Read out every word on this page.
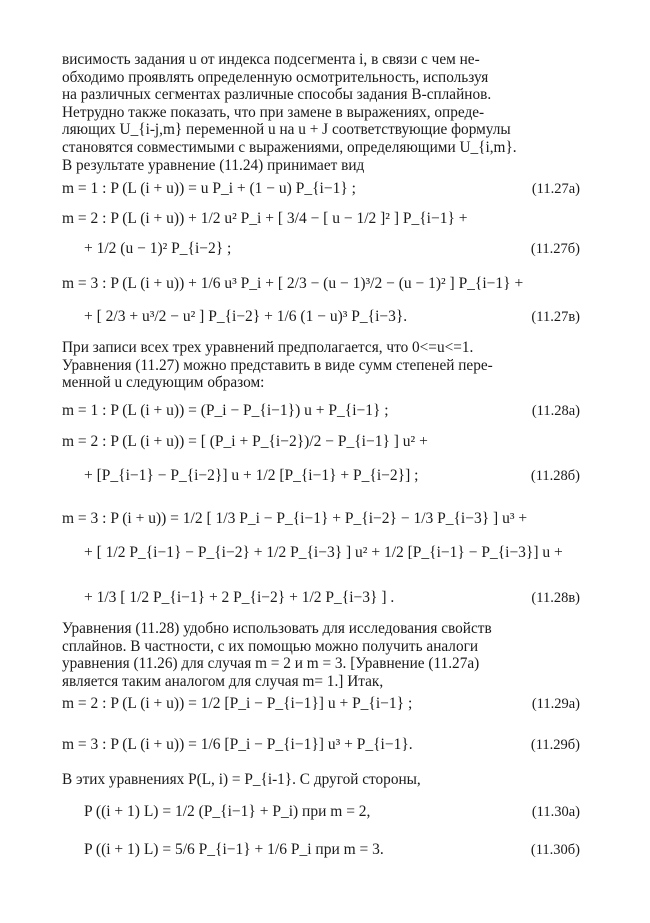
висимость задания u от индекса подсегмента i, в связи с чем не-
обходимо проявлять определенную осмотрительность, используя
на различных сегментах различные способы задания B-сплайнов.
Нетрудно также показать, что при замене в выражениях, опреде-
ляющих U_{i-j,m} переменной u на u + J соответствующие формулы
становятся совместимыми с выражениями, определяющими U_{i,m}.
В результате уравнение (11.24) принимает вид
m = 1 : P (L (i + u)) = u P_i + (1 − u) P_{i−1} ;	(11.27а)
m = 2 : P (L (i + u)) + 1/2 u² P_i + [ 3/4 − [ u − 1/2 ]² ] P_{i−1} +
+ 1/2 (u − 1)² P_{i−2} ;	(11.27б)
m = 3 : P (L (i + u)) + 1/6 u³ P_i + [ 2/3 − (u − 1)³/2 − (u − 1)² ] P_{i−1} +
+ [ 2/3 + u³/2 − u² ] P_{i−2} + 1/6 (1 − u)³ P_{i−3}.	(11.27в)
При записи всех трех уравнений предполагается, что 0<=u<=1.
Уравнения (11.27) можно представить в виде сумм степеней пере-
менной u следующим образом:
m = 1 : P (L (i + u)) = (P_i − P_{i−1}) u + P_{i−1} ;	(11.28а)
m = 2 : P (L (i + u)) = [ (P_i + P_{i−2})/2 − P_{i−1} ] u² +
+ [P_{i−1} − P_{i−2}] u + 1/2 [P_{i−1} + P_{i−2}] ;	(11.28б)
m = 3 : P (i + u)) = 1/2 [ 1/3 P_i − P_{i−1} + P_{i−2} − 1/3 P_{i−3} ] u³ +
+ [ 1/2 P_{i−1} − P_{i−2} + 1/2 P_{i−3} ] u² + 1/2 [P_{i−1} − P_{i−3}] u +
+ 1/3 [ 1/2 P_{i−1} + 2 P_{i−2} + 1/2 P_{i−3} ] .	(11.28в)
Уравнения (11.28) удобно использовать для исследования свойств
сплайнов. В частности, с их помощью можно получить аналоги
уравнения (11.26) для случая m = 2 и m = 3. [Уравнение (11.27а)
является таким аналогом для случая m= 1.] Итак,
m = 2 : P (L (i + u)) = 1/2 [P_i − P_{i−1}] u + P_{i−1} ;	(11.29а)
m = 3 : P (L (i + u)) = 1/6 [P_i − P_{i−1}] u³ + P_{i−1}.	(11.29б)
В этих уравнениях P(L, i) = P_{i-1}. С другой стороны,
P ((i + 1) L) = 1/2 (P_{i−1} + P_i) при m = 2,	(11.30а)
P ((i + 1) L) = 5/6 P_{i−1} + 1/6 P_i при m = 3.	(11.30б)
